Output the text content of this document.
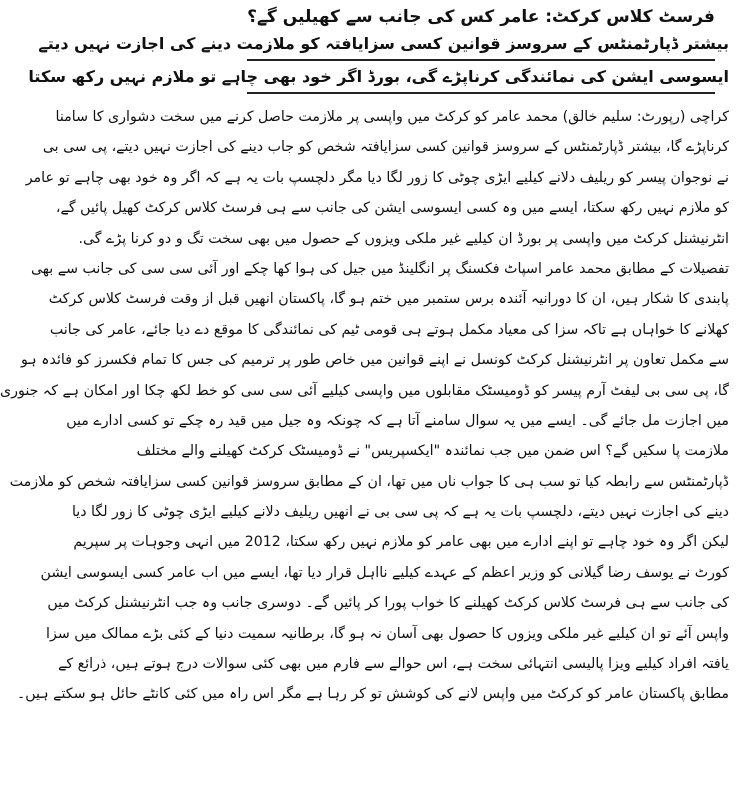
فرسٹ کلاس کرکٹ: عامر کس کی جانب سے کھیلیں گے؟
بیشتر ڈپارٹمنٹس کے سروسز قوانین کسی سزایافتہ کو ملازمت دینے کی اجازت نہیں دیتے
ایسوسی ایشن کی نمائندگی کرناپڑے گی، بورڈ اگر خود بھی چاہے تو ملازم نہیں رکھ سکتا
کراچی (رپورٹ: سلیم خالق) محمد عامر کو کرکٹ میں واپسی پر ملازمت حاصل کرنے میں سخت دشواری کا سامنا
کرناپڑے گا، بیشتر ڈپارٹمنٹس کے سروسز قوانین کسی سزایافتہ شخص کو جاب دینے کی اجازت نہیں دیتے، پی سی بی
نے نوجوان پیسر کو ریلیف دلانے کیلیے ایڑی چوٹی کا زور لگا دیا مگر دلچسپ بات یہ ہے کہ اگر وہ خود بھی چاہے تو عامر
کو ملازم نہیں رکھ سکتا، ایسے میں وہ کسی ایسوسی ایشن کی جانب سے ہی فرسٹ کلاس کرکٹ کھیل پائیں گے،
انٹرنیشنل کرکٹ میں واپسی پر بورڈ ان کیلیے غیر ملکی ویزوں کے حصول میں بھی سخت تگ و دو کرنا پڑے گی.
تفصیلات کے مطابق محمد عامر اسپاٹ فکسنگ پر انگلینڈ میں جیل کی ہوا کھا چکے اور آئی سی سی کی جانب سے بھی
پابندی کا شکار ہیں، ان کا دورانیہ آئندہ برس ستمبر میں ختم ہو گا، پاکستان انھیں قبل از وقت فرسٹ کلاس کرکٹ
کھلانے کا خواہاں ہے تاکہ سزا کی معیاد مکمل ہوتے ہی قومی ٹیم کی نمائندگی کا موقع دے دیا جائے، عامر کی جانب
سے مکمل تعاون پر انٹرنیشنل کرکٹ کونسل نے اپنے قوانین میں خاص طور پر ترمیم کی جس کا تمام فکسرز کو فائدہ ہو
گا، پی سی بی لیفٹ آرم پیسر کو ڈومیسٹک مقابلوں میں واپسی کیلیے آئی سی سی کو خط لکھ چکا اور امکان ہے کہ جنوری
میں اجازت مل جائے گی۔ ایسے میں یہ سوال سامنے آتا ہے کہ چونکہ وہ جیل میں قید رہ چکے تو کسی ادارے میں
ملازمت پا سکیں گے؟ اس ضمن میں جب نمائندہ "ایکسپریس" نے ڈومیسٹک کرکٹ کھیلنے والے مختلف
ڈپارٹمنٹس سے رابطہ کیا تو سب ہی کا جواب ناں میں تھا، ان کے مطابق سروسز قوانین کسی سزایافتہ شخص کو ملازمت
دینے کی اجازت نہیں دیتے، دلچسپ بات یہ ہے کہ پی سی بی نے انھیں ریلیف دلانے کیلیے ایڑی چوٹی کا زور لگا دیا
لیکن اگر وہ خود چاہے تو اپنے ادارے میں بھی عامر کو ملازم نہیں رکھ سکتا، 2012 میں انہی وجوہات پر سپریم
کورٹ نے یوسف رضا گیلانی کو وزیر اعظم کے عہدے کیلیے نااہل قرار دیا تھا، ایسے میں اب عامر کسی ایسوسی ایشن
کی جانب سے ہی فرسٹ کلاس کرکٹ کھیلنے کا خواب پورا کر پائیں گے۔ دوسری جانب وہ جب انٹرنیشنل کرکٹ میں
واپس آئے تو ان کیلیے غیر ملکی ویزوں کا حصول بھی آسان نہ ہو گا، برطانیہ سمیت دنیا کے کئی بڑے ممالک میں سزا
یافتہ افراد کیلیے ویزا پالیسی انتہائی سخت ہے، اس حوالے سے فارم میں بھی کئی سوالات درج ہوتے ہیں، ذرائع کے
مطابق پاکستان عامر کو کرکٹ میں واپس لانے کی کوشش تو کر رہا ہے مگر اس راہ میں کئی کانٹے حائل ہو سکتے ہیں۔
